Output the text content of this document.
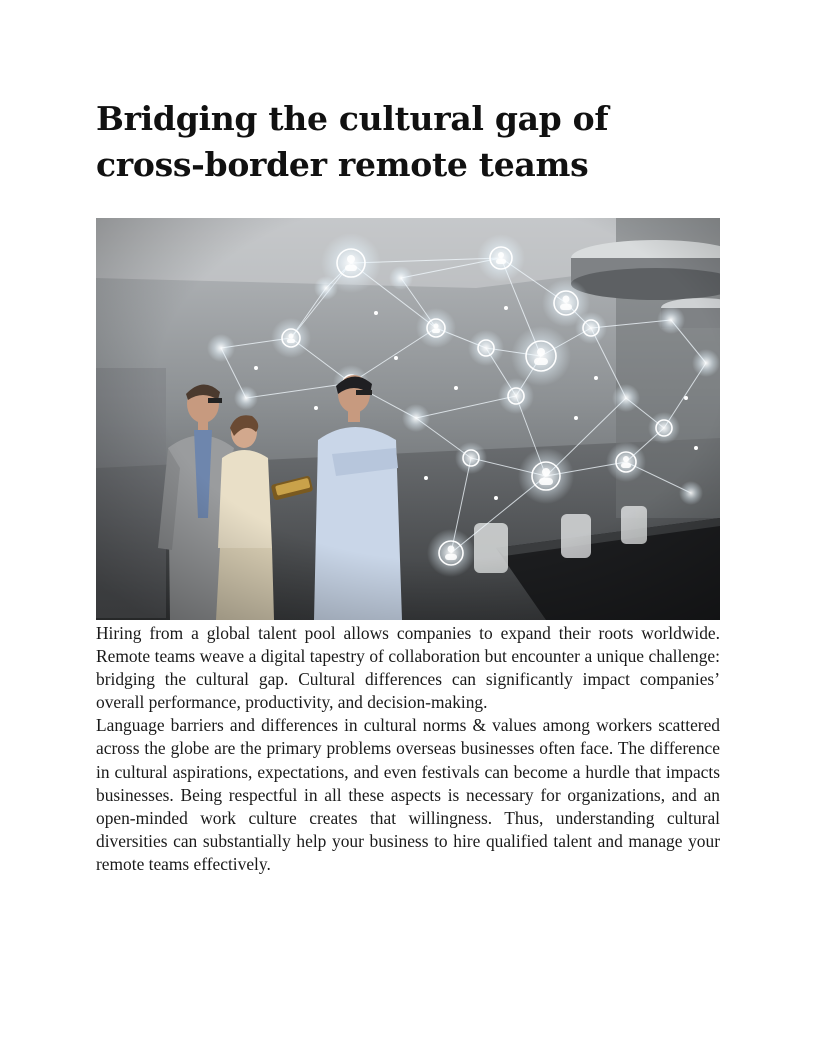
Bridging the cultural gap of cross-border remote teams

Hiring from a global talent pool allows companies to expand their roots worldwide. Remote teams weave a digital tapestry of collaboration but encounter a unique challenge: bridging the cultural gap. Cultural differences can significantly impact companies’ overall performance, productivity, and decision-making.

Language barriers and differences in cultural norms & values among workers scattered across the globe are the primary problems overseas businesses often face. The difference in cultural aspirations, expectations, and even festivals can become a hurdle that impacts businesses. Being respectful in all these aspects is necessary for organizations, and an open-minded work culture creates that willingness. Thus, understanding cultural diversities can substantially help your business to hire qualified talent and manage your remote teams effectively.
